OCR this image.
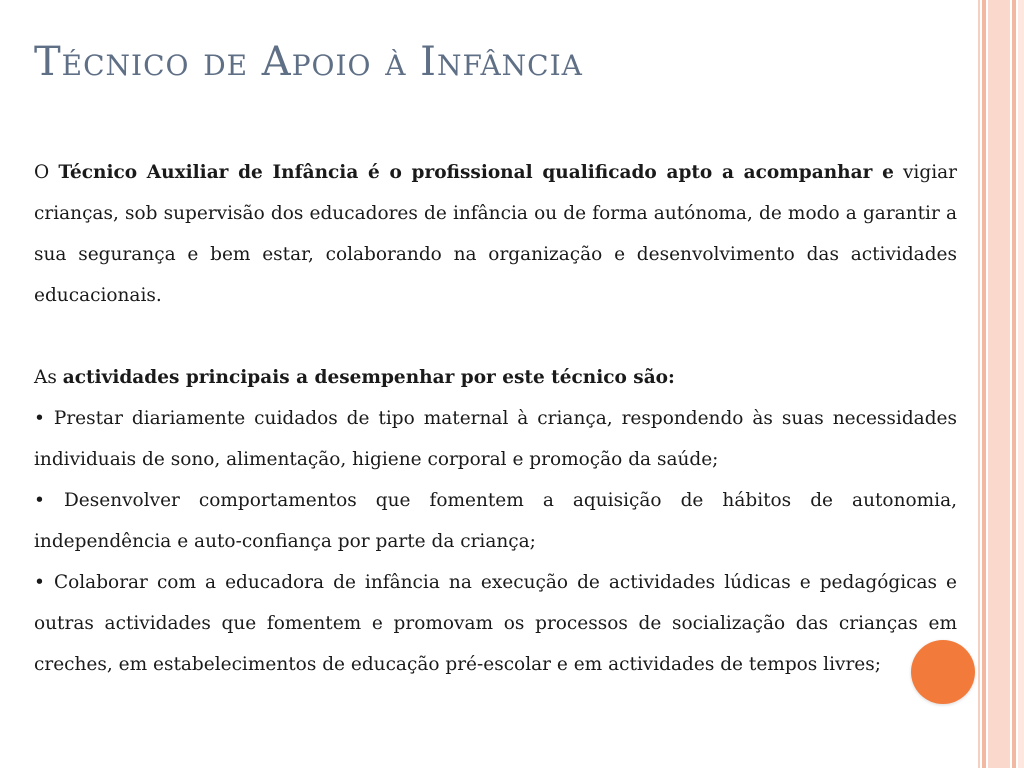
Técnico de Apoio à Infância

O Técnico Auxiliar de Infância é o profissional qualificado apto a acompanhar e vigiar crianças, sob supervisão dos educadores de infância ou de forma autónoma, de modo a garantir a sua segurança e bem estar, colaborando na organização e desenvolvimento das actividades educacionais.

As actividades principais a desempenhar por este técnico são:

• Prestar diariamente cuidados de tipo maternal à criança, respondendo às suas necessidades individuais de sono, alimentação, higiene corporal e promoção da saúde;

• Desenvolver comportamentos que fomentem a aquisição de hábitos de autonomia, independência e auto-confiança por parte da criança;

• Colaborar com a educadora de infância na execução de actividades lúdicas e pedagógicas e outras actividades que fomentem e promovam os processos de socialização das crianças em creches, em estabelecimentos de educação pré-escolar e em actividades de tempos livres;
